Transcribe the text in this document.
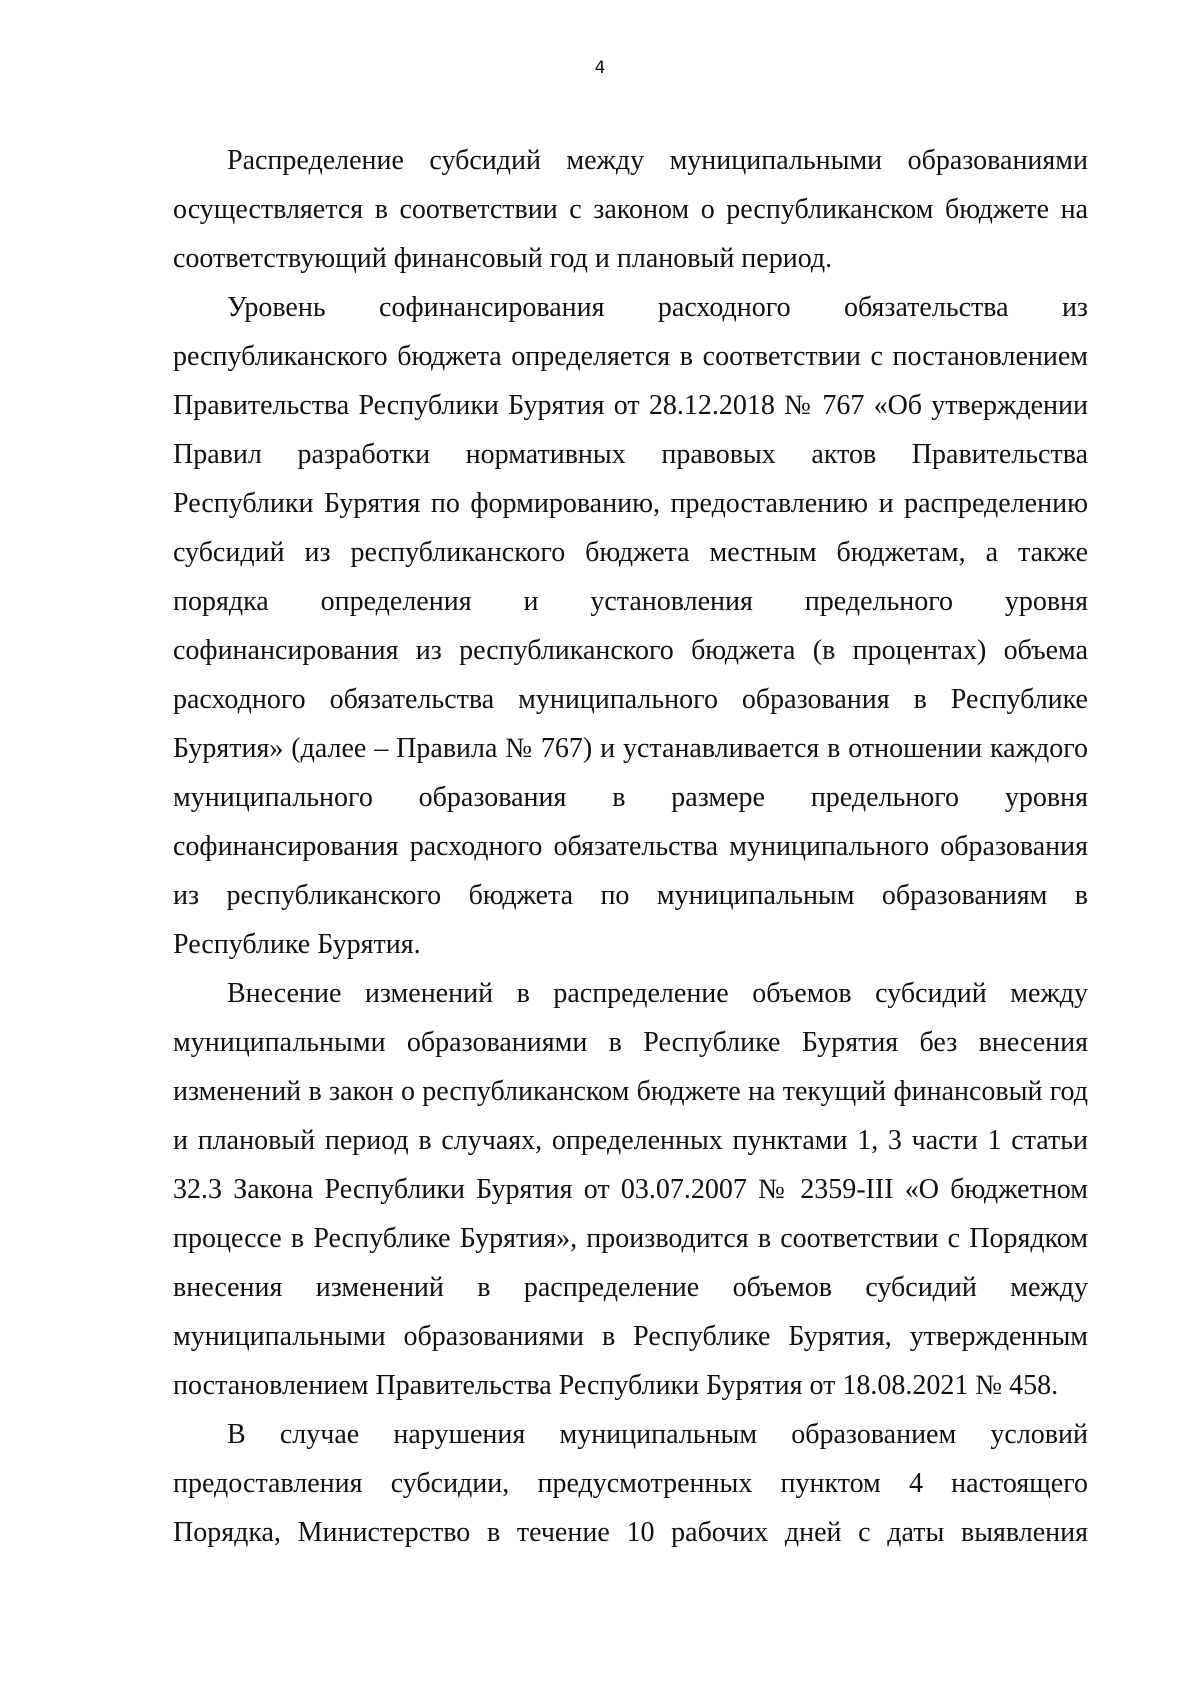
4

Распределение субсидий между муниципальными образованиями осуществляется в соответствии с законом о республиканском бюджете на соответствующий финансовый год и плановый период.

Уровень софинансирования расходного обязательства из республиканского бюджета определяется в соответствии с постановлением Правительства Республики Бурятия от 28.12.2018 № 767 «Об утверждении Правил разработки нормативных правовых актов Правительства Республики Бурятия по формированию, предоставлению и распределению субсидий из республиканского бюджета местным бюджетам, а также порядка определения и установления предельного уровня софинансирования из республиканского бюджета (в процентах) объема расходного обязательства муниципального образования в Республике Бурятия» (далее – Правила № 767) и устанавливается в отношении каждого муниципального образования в размере предельного уровня софинансирования расходного обязательства муниципального образования из республиканского бюджета по муниципальным образованиям в Республике Бурятия.

Внесение изменений в распределение объемов субсидий между муниципальными образованиями в Республике Бурятия без внесения изменений в закон о республиканском бюджете на текущий финансовый год и плановый период в случаях, определенных пунктами 1, 3 части 1 статьи 32.3 Закона Республики Бурятия от 03.07.2007 № 2359-III «О бюджетном процессе в Республике Бурятия», производится в соответствии с Порядком внесения изменений в распределение объемов субсидий между муниципальными образованиями в Республике Бурятия, утвержденным постановлением Правительства Республики Бурятия от 18.08.2021 № 458.

В случае нарушения муниципальным образованием условий предоставления субсидии, предусмотренных пунктом 4 настоящего Порядка, Министерство в течение 10 рабочих дней с даты выявления
